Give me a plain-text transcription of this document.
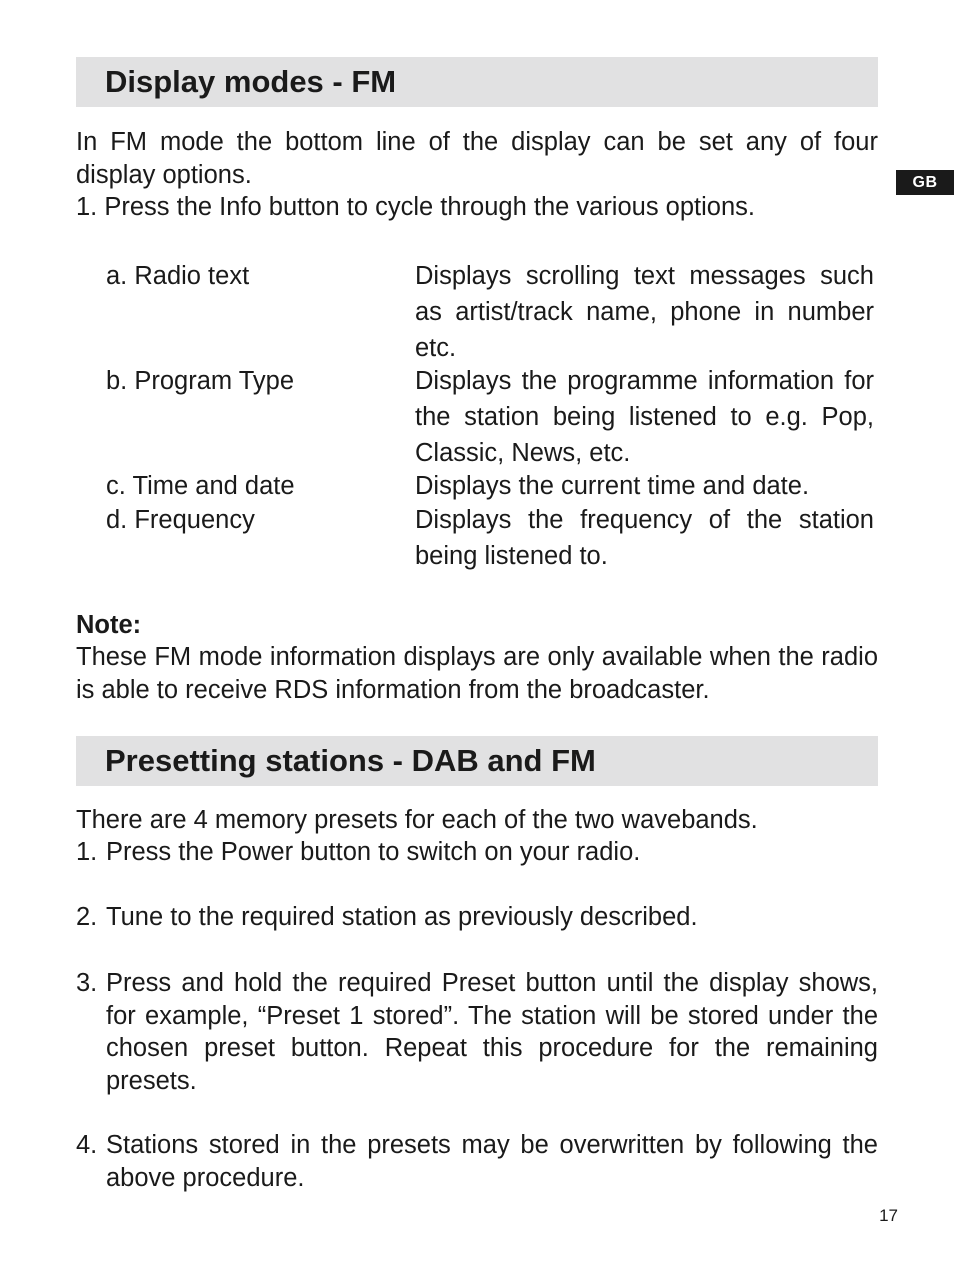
GB
Display modes - FM

In FM mode the bottom line of the display can be set any of four display options.

1. Press the Info button to cycle through the various options.

a. Radio text	Displays scrolling text messages such as artist/track name, phone in number etc.
b. Program Type	Displays the programme information for the station being listened to e.g. Pop, Classic, News, etc.
c. Time and date	Displays the current time and date.
d. Frequency	Displays the frequency of the station being listened to.
Note:

These FM mode information displays are only available when the radio is able to receive RDS information from the broadcaster.

Presetting stations - DAB and FM

There are 4 memory presets for each of the two wavebands.

1. Press the Power button to switch on your radio.
2. Tune to the required station as previously described.
3. Press and hold the required Preset button until the display shows, for example, “Preset 1 stored”. The station will be stored under the chosen preset button. Repeat this procedure for the remaining presets.
4. Stations stored in the presets may be overwritten by following the above procedure.
17
